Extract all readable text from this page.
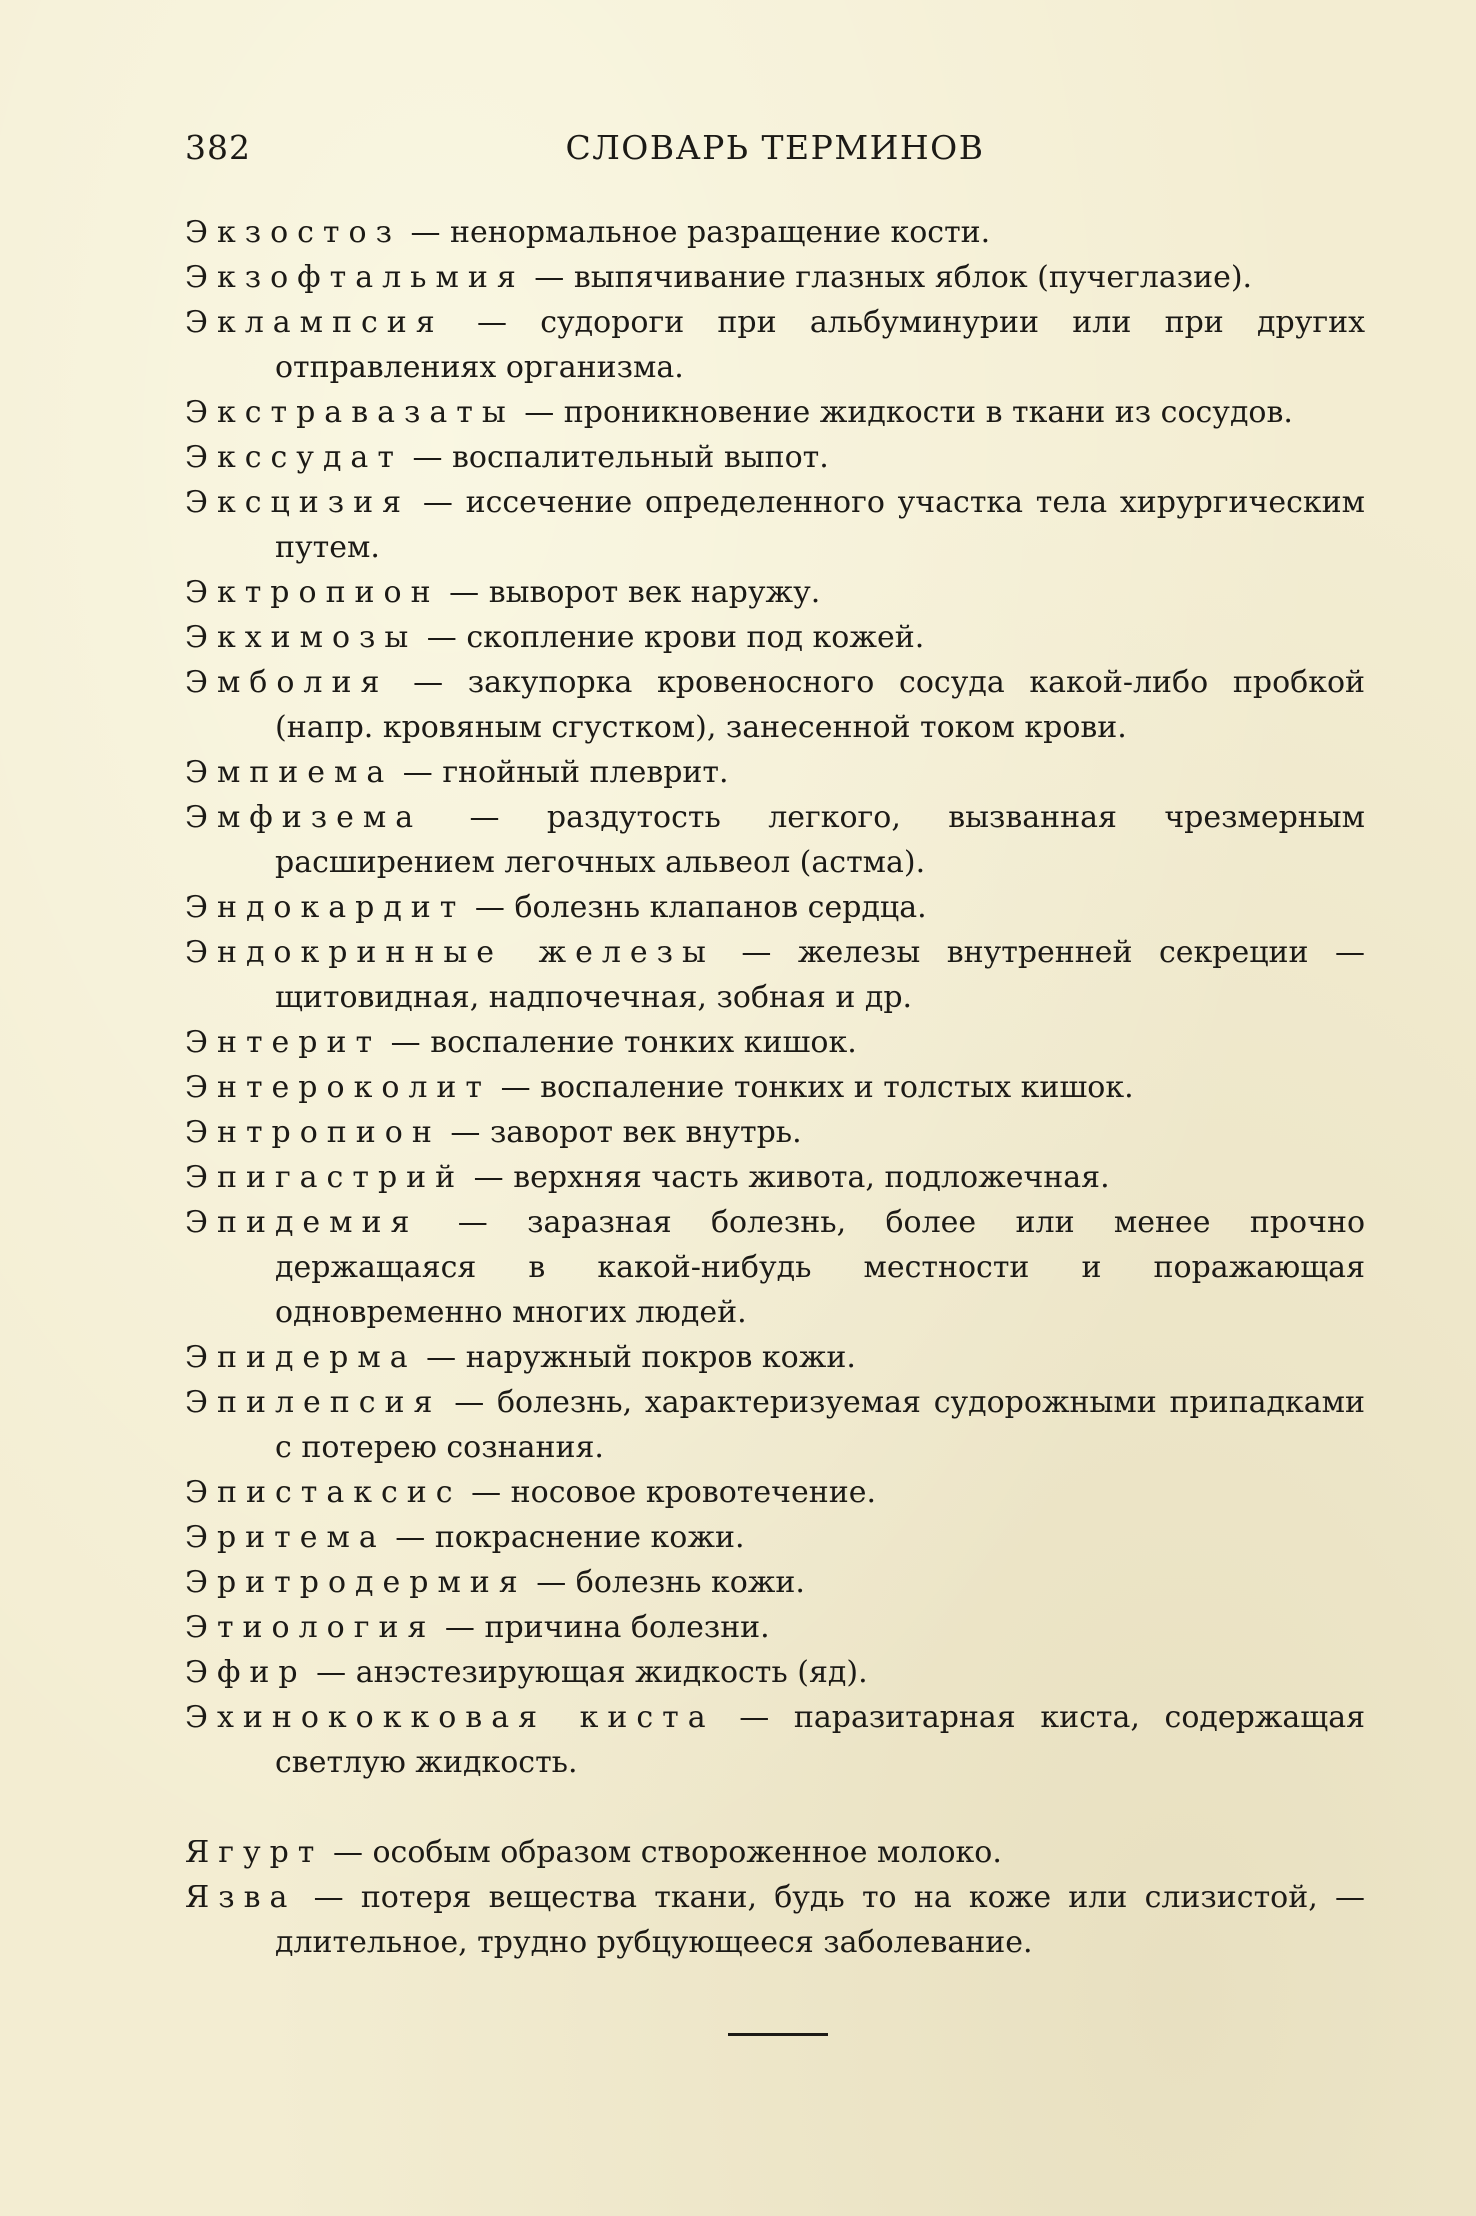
382	СЛОВАРЬ ТЕРМИНОВ

Экзостоз — ненормальное разращение кости.

Экзофтальмия — выпячивание глазных яблок (пучеглазие).

Эклампсия — судороги при альбуминурии или при других отправлениях организма.

Экстравазаты — проникновение жидкости в ткани из сосудов.

Экссудат — воспалительный выпот.

Эксцизия — иссечение определенного участка тела хирургическим путем.

Эктропион — выворот век наружу.

Экхимозы — скопление крови под кожей.

Эмболия — закупорка кровеносного сосуда какой-либо пробкой (напр. кровяным сгустком), занесенной током крови.

Эмпиема — гнойный плеврит.

Эмфизема — раздутость легкого, вызванная чрезмерным расширением легочных альвеол (астма).

Эндокардит — болезнь клапанов сердца.

Эндокринные железы — железы внутренней секреции — щитовидная, надпочечная, зобная и др.

Энтерит — воспаление тонких кишок.

Энтероколит — воспаление тонких и толстых кишок.

Энтропион — заворот век внутрь.

Эпигастрий — верхняя часть живота, подложечная.

Эпидемия — заразная болезнь, более или менее прочно держащаяся в какой-нибудь местности и поражающая одновременно многих людей.

Эпидерма — наружный покров кожи.

Эпилепсия — болезнь, характеризуемая судорожными припадками с потерею сознания.

Эпистаксис — носовое кровотечение.

Эритема — покраснение кожи.

Эритродермия — болезнь кожи.

Этиология — причина болезни.

Эфир — анэстезирующая жидкость (яд).

Эхинококковая киста — паразитарная киста, содержащая светлую жидкость.

Ягурт — особым образом створоженное молоко.

Язва — потеря вещества ткани, будь то на коже или слизистой, — длительное, трудно рубцующееся заболевание.
